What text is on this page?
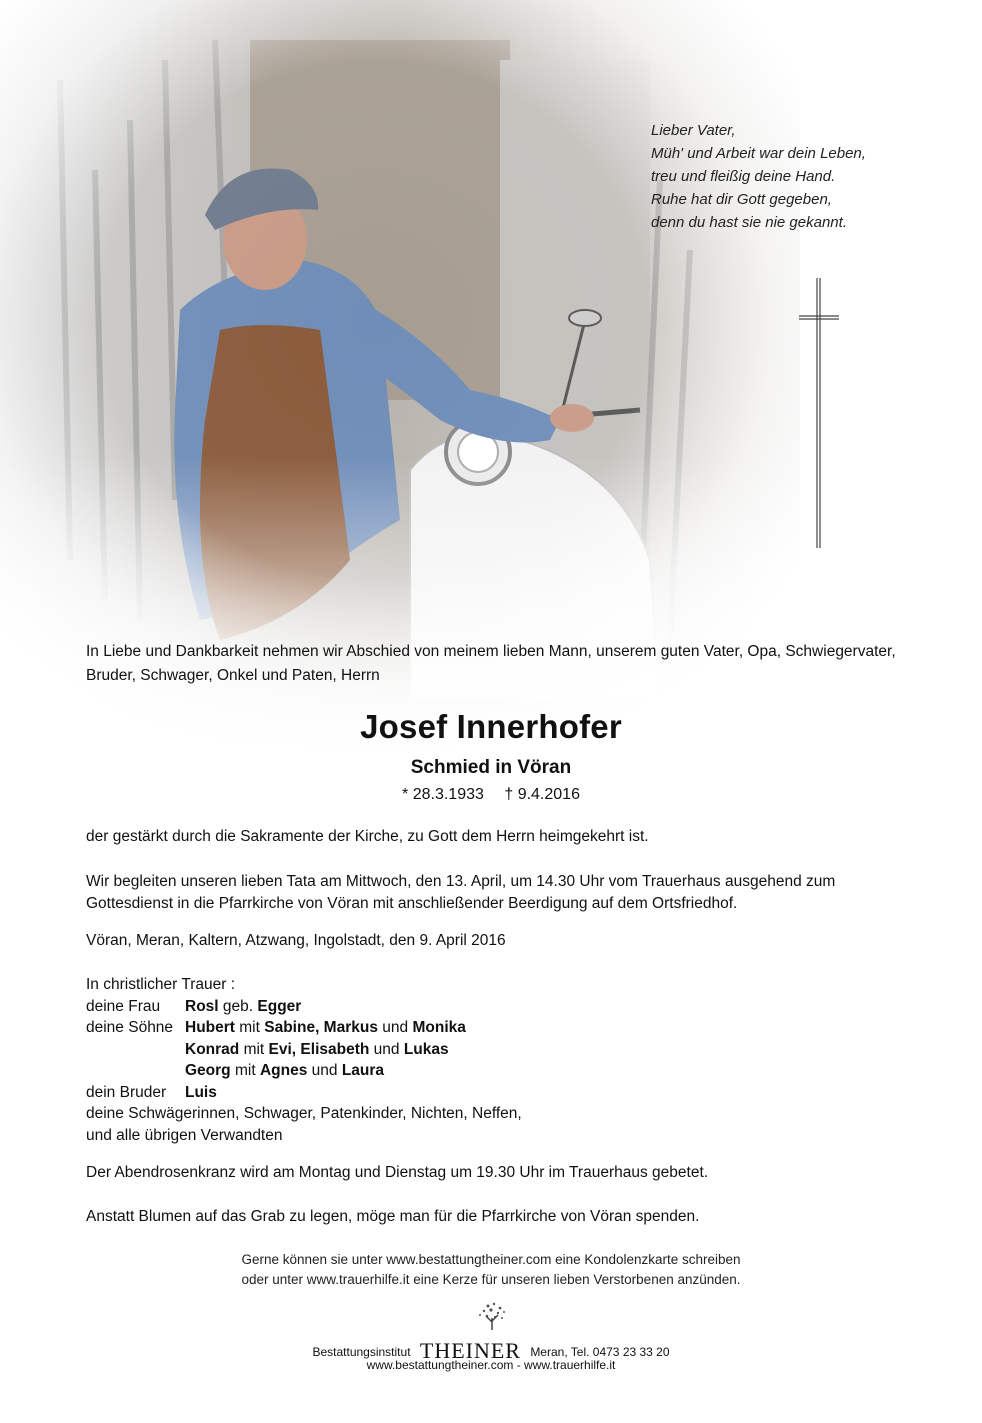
Lieber Vater,
Müh' und Arbeit war dein Leben,
treu und fleißig deine Hand.
Ruhe hat dir Gott gegeben,
denn du hast sie nie gekannt.
In Liebe und Dankbarkeit nehmen wir Abschied von meinem lieben Mann, unserem guten Vater, Opa, Schwiegervater, Bruder, Schwager, Onkel und Paten, Herrn
Josef Innerhofer
Schmied in Vöran
* 28.3.1933 † 9.4.2016
der gestärkt durch die Sakramente der Kirche, zu Gott dem Herrn heimgekehrt ist.
Wir begleiten unseren lieben Tata am Mittwoch, den 13. April, um 14.30 Uhr vom Trauerhaus ausgehend zum Gottesdienst in die Pfarrkirche von Vöran mit anschließender Beerdigung auf dem Ortsfriedhof.
Vöran, Meran, Kaltern, Atzwang, Ingolstadt, den 9. April 2016
In christlicher Trauer :
deine Frau Rosl geb. Egger
deine Söhne Hubert mit Sabine, Markus und Monika
Konrad mit Evi, Elisabeth und Lukas
Georg mit Agnes und Laura
dein Bruder Luis
deine Schwägerinnen, Schwager, Patenkinder, Nichten, Neffen,
und alle übrigen Verwandten
Der Abendrosenkranz wird am Montag und Dienstag um 19.30 Uhr im Trauerhaus gebetet.
Anstatt Blumen auf das Grab zu legen, möge man für die Pfarrkirche von Vöran spenden.
Gerne können sie unter www.bestattungtheiner.com eine Kondolenzkarte schreiben
oder unter www.trauerhilfe.it eine Kerze für unseren lieben Verstorbenen anzünden.
Bestattungsinstitut THEINER Meran, Tel. 0473 23 33 20
www.bestattungtheiner.com - www.trauerhilfe.it
